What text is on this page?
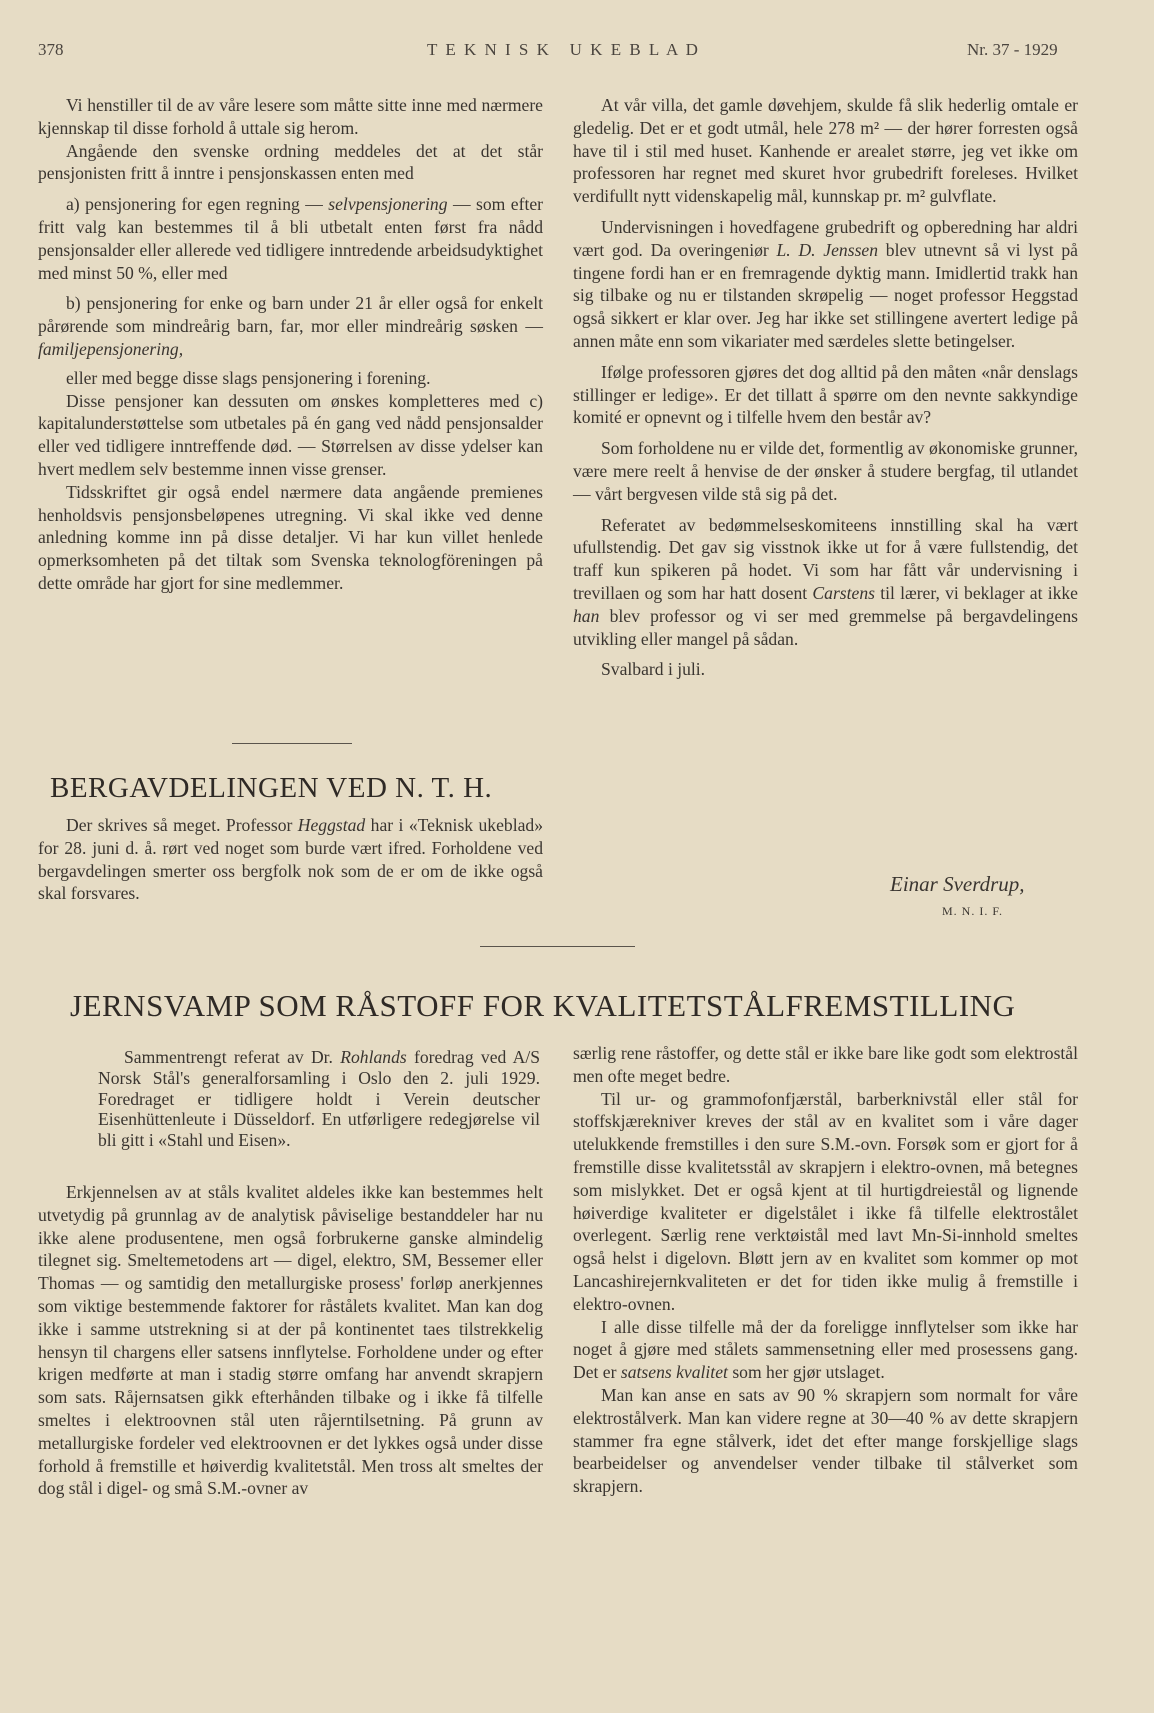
378	T E K N I S K   U K E B L A D	Nr. 37 - 1929

Vi henstiller til de av våre lesere som måtte sitte inne med nærmere kjennskap til disse forhold å uttale sig herom.

Angående den svenske ordning meddeles det at det står pensjonisten fritt å inntre i pensjonskassen enten med

a) pensjonering for egen regning — selvpensjonering — som efter fritt valg kan bestemmes til å bli utbetalt enten først fra nådd pensjonsalder eller allerede ved tidligere inntredende arbeidsudyktighet med minst 50 %, eller med

b) pensjonering for enke og barn under 21 år eller også for enkelt pårørende som mindreårig barn, far, mor eller mindreårig søsken — familjepensjonering,

eller med begge disse slags pensjonering i forening.

Disse pensjoner kan dessuten om ønskes kompletteres med c) kapitalunderstøttelse som utbetales på én gang ved nådd pensjonsalder eller ved tidligere inntreffende død. — Størrelsen av disse ydelser kan hvert medlem selv bestemme innen visse grenser.

Tidsskriftet gir også endel nærmere data angående premienes henholdsvis pensjonsbeløpenes utregning. Vi skal ikke ved denne anledning komme inn på disse detaljer. Vi har kun villet henlede opmerksomheten på det tiltak som Svenska teknologföreningen på dette område har gjort for sine medlemmer.

BERGAVDELINGEN VED N. T. H.

Der skrives så meget. Professor Heggstad har i «Teknisk ukeblad» for 28. juni d. å. rørt ved noget som burde vært ifred. Forholdene ved bergavdelingen smerter oss bergfolk nok som de er om de ikke også skal forsvares.

At vår villa, det gamle døvehjem, skulde få slik hederlig omtale er gledelig. Det er et godt utmål, hele 278 m² — der hører forresten også have til i stil med huset. Kanhende er arealet større, jeg vet ikke om professoren har regnet med skuret hvor grubedrift foreleses. Hvilket verdifullt nytt videnskapelig mål, kunnskap pr. m² gulvflate.

Undervisningen i hovedfagene grubedrift og opberedning har aldri vært god. Da overingeniør L. D. Jenssen blev utnevnt så vi lyst på tingene fordi han er en fremragende dyktig mann. Imidlertid trakk han sig tilbake og nu er tilstanden skrøpelig — noget professor Heggstad også sikkert er klar over. Jeg har ikke set stillingene avertert ledige på annen måte enn som vikariater med særdeles slette betingelser.

Ifølge professoren gjøres det dog alltid på den måten «når denslags stillinger er ledige». Er det tillatt å spørre om den nevnte sakkyndige komité er opnevnt og i tilfelle hvem den består av?

Som forholdene nu er vilde det, formentlig av økonomiske grunner, være mere reelt å henvise de der ønsker å studere bergfag, til utlandet — vårt bergvesen vilde stå sig på det.

Referatet av bedømmelseskomiteens innstilling skal ha vært ufullstendig. Det gav sig visstnok ikke ut for å være fullstendig, det traff kun spikeren på hodet. Vi som har fått vår undervisning i trevillaen og som har hatt dosent Carstens til lærer, vi beklager at ikke han blev professor og vi ser med gremmelse på bergavdelingens utvikling eller mangel på sådan.

Svalbard i juli.

Einar Sverdrup,
M. N. I. F.
JERNSVAMP SOM RÅSTOFF FOR KVALITETSTÅLFREMSTILLING

Sammentrengt referat av Dr. Rohlands foredrag ved A/S Norsk Stål's generalforsamling i Oslo den 2. juli 1929. Foredraget er tidligere holdt i Verein deutscher Eisenhüttenleute i Düsseldorf. En utførligere redegjørelse vil bli gitt i «Stahl und Eisen».

Erkjennelsen av at ståls kvalitet aldeles ikke kan bestemmes helt utvetydig på grunnlag av de analytisk påviselige bestanddeler har nu ikke alene produsentene, men også forbrukerne ganske almindelig tilegnet sig. Smeltemetodens art — digel, elektro, SM, Bessemer eller Thomas — og samtidig den metallurgiske prosess' forløp anerkjennes som viktige bestemmende faktorer for råstålets kvalitet. Man kan dog ikke i samme utstrekning si at der på kontinentet taes tilstrekkelig hensyn til chargens eller satsens innflytelse. Forholdene under og efter krigen medførte at man i stadig større omfang har anvendt skrapjern som sats. Råjernsatsen gikk efterhånden tilbake og i ikke få tilfelle smeltes i elektroovnen stål uten råjerntilsetning. På grunn av metallurgiske fordeler ved elektroovnen er det lykkes også under disse forhold å fremstille et høiverdig kvalitetstål. Men tross alt smeltes der dog stål i digel- og små S.M.-ovner av

særlig rene råstoffer, og dette stål er ikke bare like godt som elektrostål men ofte meget bedre.

Til ur- og grammofonfjærstål, barberknivstål eller stål for stoffskjærekniver kreves der stål av en kvalitet som i våre dager utelukkende fremstilles i den sure S.M.-ovn. Forsøk som er gjort for å fremstille disse kvalitetsstål av skrapjern i elektro-ovnen, må betegnes som mislykket. Det er også kjent at til hurtigdreiestål og lignende høiverdige kvaliteter er digelstålet i ikke få tilfelle elektrostålet overlegent. Særlig rene verktøistål med lavt Mn-Si-innhold smeltes også helst i digelovn. Bløtt jern av en kvalitet som kommer op mot Lancashirejernkvaliteten er det for tiden ikke mulig å fremstille i elektro-ovnen.

I alle disse tilfelle må der da foreligge innflytelser som ikke har noget å gjøre med stålets sammensetning eller med prosessens gang. Det er satsens kvalitet som her gjør utslaget.

Man kan anse en sats av 90 % skrapjern som normalt for våre elektrostålverk. Man kan videre regne at 30—40 % av dette skrapjern stammer fra egne stålverk, idet det efter mange forskjellige slags bearbeidelser og anvendelser vender tilbake til stålverket som skrapjern.
